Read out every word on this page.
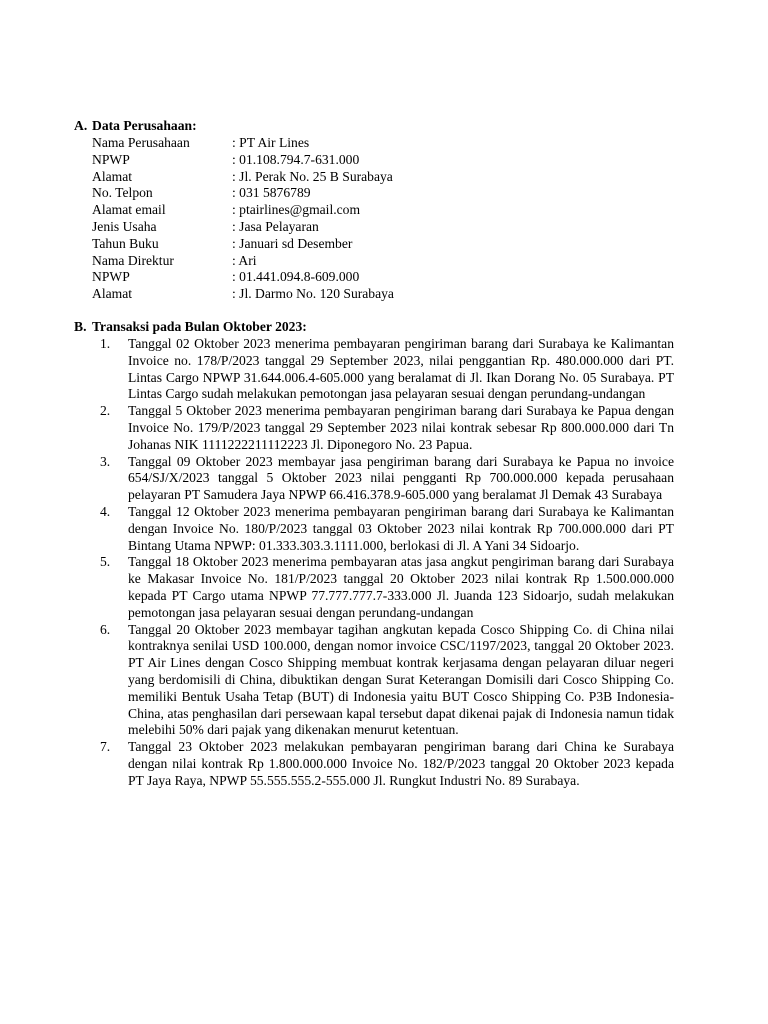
A. Data Perusahaan:
Nama Perusahaan	: PT Air Lines
NPWP	: 01.108.794.7-631.000
Alamat	: Jl. Perak No. 25 B Surabaya
No. Telpon	: 031 5876789
Alamat email	: ptairlines@gmail.com
Jenis Usaha	: Jasa Pelayaran
Tahun Buku	: Januari sd Desember
Nama Direktur	: Ari
NPWP	: 01.441.094.8-609.000
Alamat	: Jl. Darmo No. 120 Surabaya
B. Transaksi pada Bulan Oktober 2023:
1.	Tanggal 02 Oktober 2023 menerima pembayaran pengiriman barang dari Surabaya ke Kalimantan Invoice no. 178/P/2023 tanggal 29 September 2023, nilai penggantian Rp. 480.000.000 dari PT. Lintas Cargo NPWP 31.644.006.4-605.000 yang beralamat di Jl. Ikan Dorang No. 05 Surabaya. PT Lintas Cargo sudah melakukan pemotongan jasa pelayaran sesuai dengan perundang-undangan
2.	Tanggal 5 Oktober 2023 menerima pembayaran pengiriman barang dari Surabaya ke Papua dengan Invoice No. 179/P/2023 tanggal 29 September 2023 nilai kontrak sebesar Rp 800.000.000 dari Tn Johanas NIK 1111222211112223 Jl. Diponegoro No. 23 Papua.
3.	Tanggal 09 Oktober 2023 membayar jasa pengiriman barang dari Surabaya ke Papua no invoice 654/SJ/X/2023 tanggal 5 Oktober 2023 nilai pengganti Rp 700.000.000 kepada perusahaan pelayaran PT Samudera Jaya NPWP 66.416.378.9-605.000 yang beralamat Jl Demak 43 Surabaya
4.	Tanggal 12 Oktober 2023 menerima pembayaran pengiriman barang dari Surabaya ke Kalimantan dengan Invoice No. 180/P/2023 tanggal 03 Oktober 2023 nilai kontrak Rp 700.000.000 dari PT Bintang Utama NPWP: 01.333.303.3.1111.000, berlokasi di Jl. A Yani 34 Sidoarjo.
5.	Tanggal 18 Oktober 2023 menerima pembayaran atas jasa angkut pengiriman barang dari Surabaya ke Makasar Invoice No. 181/P/2023 tanggal 20 Oktober 2023 nilai kontrak Rp 1.500.000.000 kepada PT Cargo utama NPWP 77.777.777.7-333.000 Jl. Juanda 123 Sidoarjo, sudah melakukan pemotongan jasa pelayaran sesuai dengan perundang-undangan
6.	Tanggal 20 Oktober 2023 membayar tagihan angkutan kepada Cosco Shipping Co. di China nilai kontraknya senilai USD 100.000, dengan nomor invoice CSC/1197/2023, tanggal 20 Oktober 2023. PT Air Lines dengan Cosco Shipping membuat kontrak kerjasama dengan pelayaran diluar negeri yang berdomisili di China, dibuktikan dengan Surat Keterangan Domisili dari Cosco Shipping Co. memiliki Bentuk Usaha Tetap (BUT) di Indonesia yaitu BUT Cosco Shipping Co. P3B Indonesia-China, atas penghasilan dari persewaan kapal tersebut dapat dikenai pajak di Indonesia namun tidak melebihi 50% dari pajak yang dikenakan menurut ketentuan.
7.	Tanggal 23 Oktober 2023 melakukan pembayaran pengiriman barang dari China ke Surabaya dengan nilai kontrak Rp 1.800.000.000 Invoice No. 182/P/2023 tanggal 20 Oktober 2023 kepada PT Jaya Raya, NPWP 55.555.555.2-555.000 Jl. Rungkut Industri No. 89 Surabaya.
